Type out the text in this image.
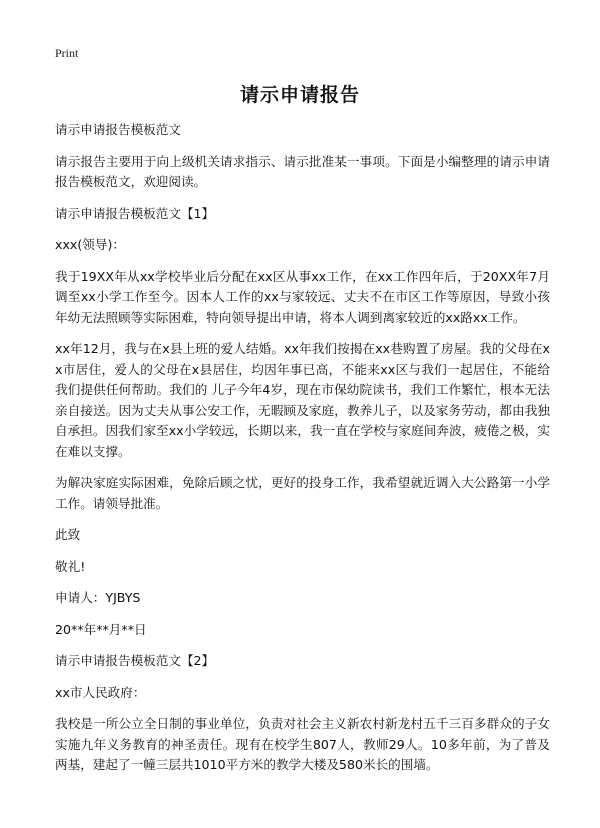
Print
请示申请报告

请示申请报告模板范文

请示报告主要用于向上级机关请求指示、请示批准某一事项。下面是小编整理的请示申请报告模板范文，欢迎阅读。

请示申请报告模板范文【1】

xxx(领导)：

我于19XX年从xx学校毕业后分配在xx区从事xx工作，在xx工作四年后，于20XX年7月调至xx小学工作至今。因本人工作的xx与家较远、丈夫不在市区工作等原因，导致小孩年幼无法照顾等实际困难，特向领导提出申请，将本人调到离家较近的xx路xx工作。

xx年12月，我与在x县上班的爱人结婚。xx年我们按揭在xx巷购置了房屋。我的父母在xx市居住，爱人的父母在x县居住，均因年事已高，不能来xx区与我们一起居住，不能给我们提供任何帮助。我们的 儿子今年4岁，现在市保幼院读书，我们工作繁忙，根本无法亲自接送。因为丈夫从事公安工作，无暇顾及家庭，教养儿子，以及家务劳动，都由我独自承担。因我们家至xx小学较远，长期以来，我一直在学校与家庭间奔波，疲倦之极，实在难以支撑。

为解决家庭实际困难，免除后顾之忧，更好的投身工作，我希望就近调入大公路第一小学工作。请领导批准。

此致

敬礼!

申请人：YJBYS

20**年**月**日

请示申请报告模板范文【2】

xx市人民政府：

我校是一所公立全日制的事业单位，负责对社会主义新农村新龙村五千三百多群众的子女实施九年义务教育的神圣责任。现有在校学生807人，教师29人。10多年前，为了普及两基，建起了一幢三层共1010平方米的教学大楼及580米长的围墙。
